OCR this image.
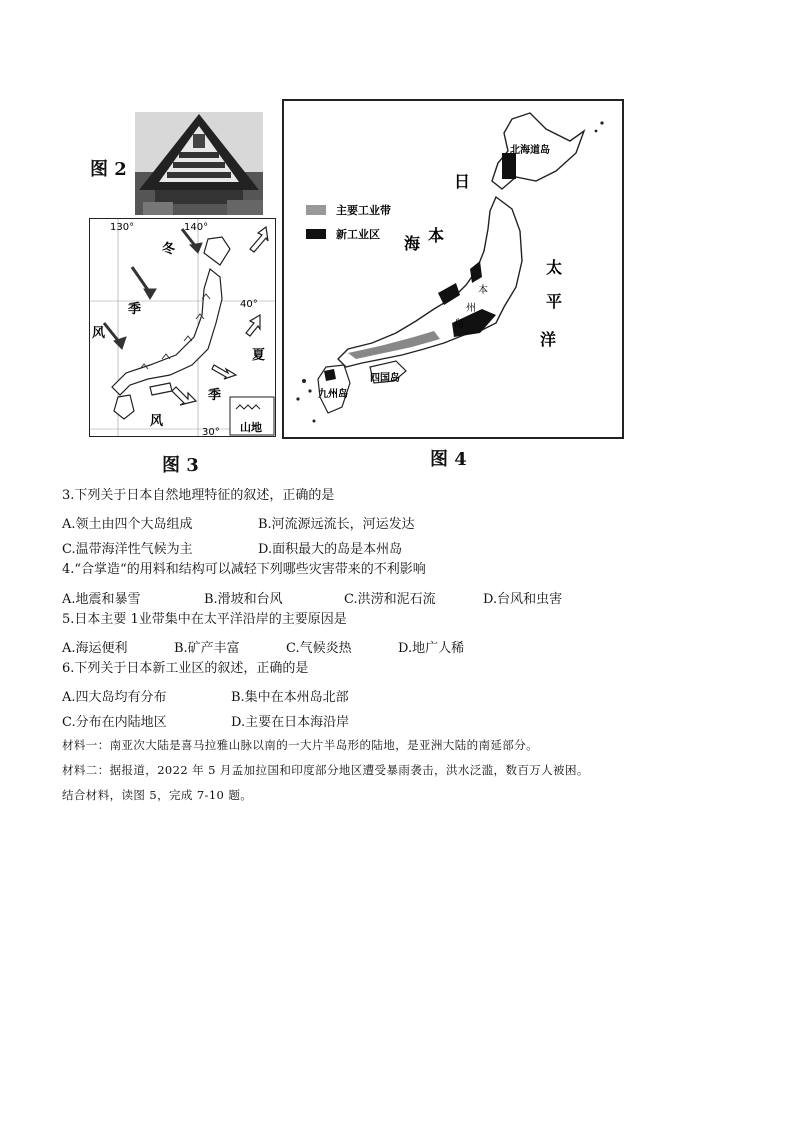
图 2
山地
130°	140°
40°
30°
冬
季
风
夏
季
风
图 3
主要工业带
新工业区
日
本
海
太
平
洋
北海道岛
本
州
岛
四国岛
九州岛
图 4
3.下列关于日本自然地理特征的叙述，正确的是
A.领土由四个大岛组成	B.河流源远流长，河运发达
C.温带海洋性气候为主	D.面积最大的岛是本州岛
4.“合掌造“的用料和结构可以减轻下列哪些灾害带来的不利影响
A.地震和暴雪	B.滑坡和台风	C.洪涝和泥石流	D.台风和虫害
5.日本主要 1业带集中在太平洋沿岸的主要原因是
A.海运便利	B.矿产丰富	C.气候炎热	D.地广人稀
6.下列关于日本新工业区的叙述，正确的是
A.四大岛均有分布	B.集中在本州岛北部
C.分布在内陆地区	D.主要在日本海沿岸
材料一：南亚次大陆是喜马拉雅山脉以南的一大片半岛形的陆地，是亚洲大陆的南延部分。
材料二：据报道，2022 年 5 月孟加拉国和印度部分地区遭受暴雨袭击，洪水泛滥，数百万人被困。
结合材料，读图 5，完成 7-10 题。
